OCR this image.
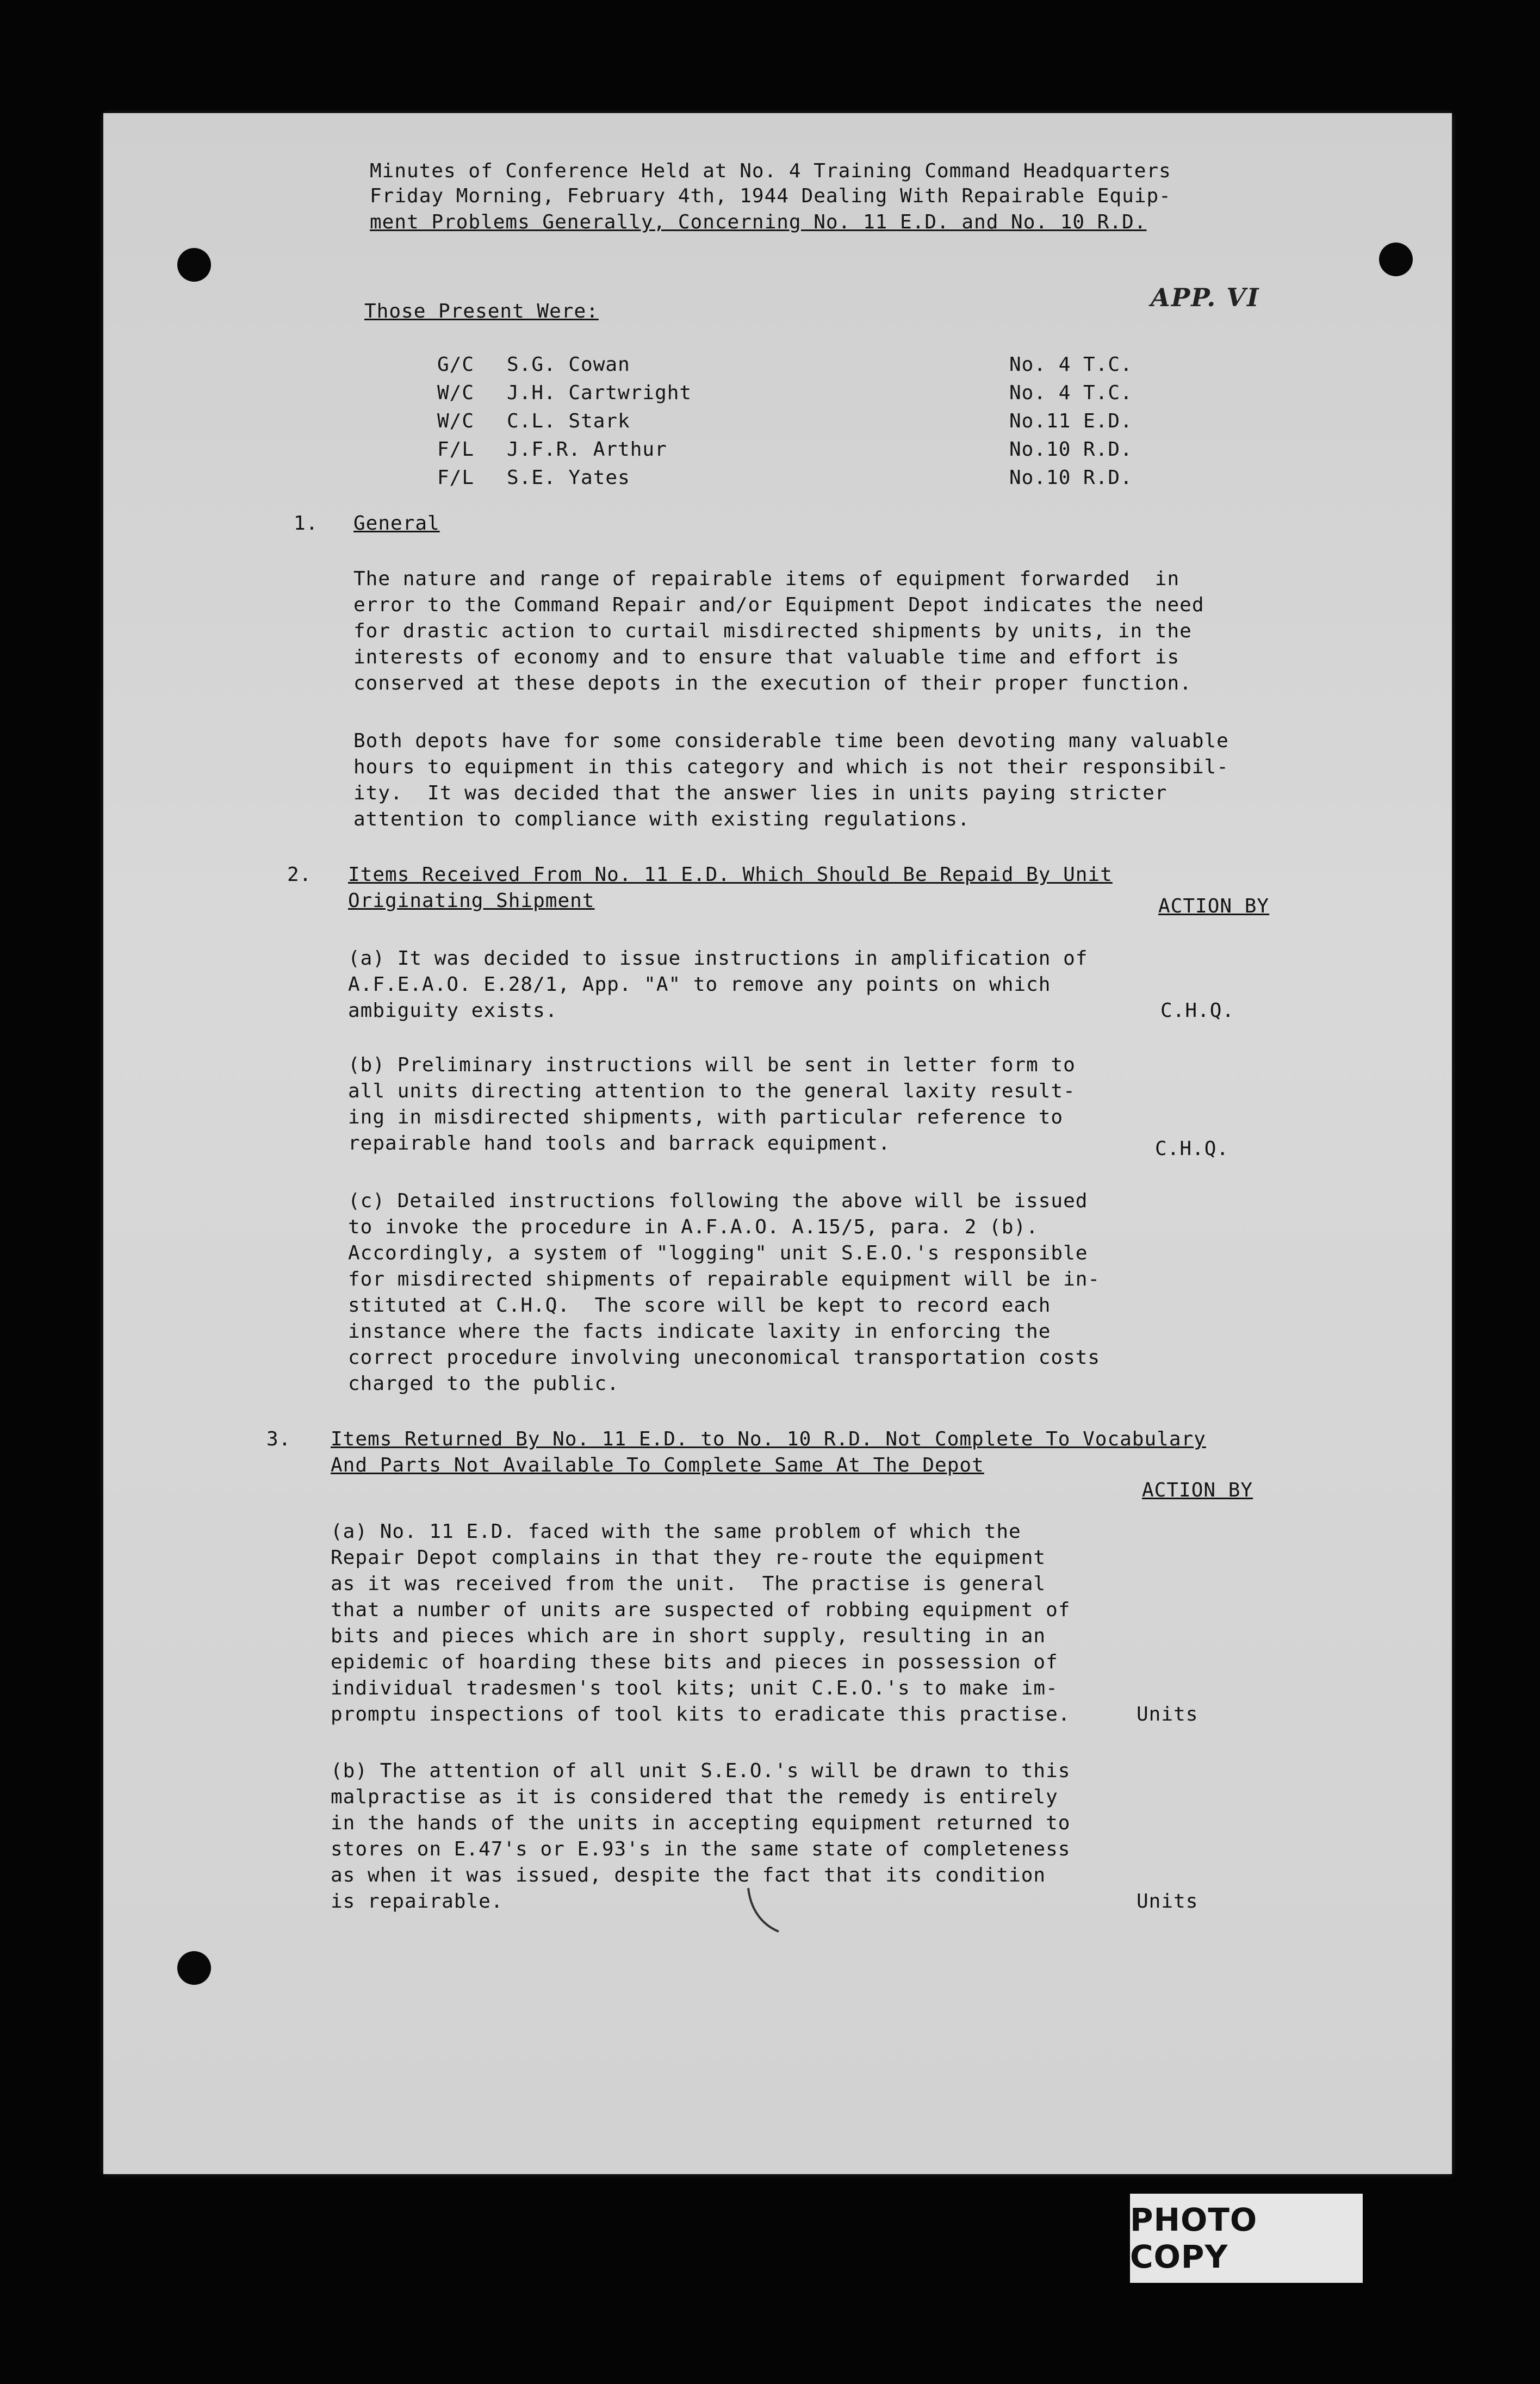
Minutes of Conference Held at No. 4 Training Command Headquarters
Friday Morning, February 4th, 1944 Dealing With Repairable Equip-
ment Problems Generally, Concerning No. 11 E.D. and No. 10 R.D.
APP. VI
Those Present Were:
G/C S.G. Cowan	No. 4 T.C.
W/C J.H. Cartwright	No. 4 T.C.
W/C C.L. Stark	No.11 E.D.
F/L J.F.R. Arthur	No.10 R.D.
F/L S.E. Yates	No.10 R.D.
1. General
The nature and range of repairable items of equipment forwarded  in
error to the Command Repair and/or Equipment Depot indicates the need
for drastic action to curtail misdirected shipments by units, in the
interests of economy and to ensure that valuable time and effort is
conserved at these depots in the execution of their proper function.
Both depots have for some considerable time been devoting many valuable
hours to equipment in this category and which is not their responsibil-
ity.  It was decided that the answer lies in units paying stricter
attention to compliance with existing regulations.
2. Items Received From No. 11 E.D. Which Should Be Repaid By Unit
Originating Shipment	ACTION BY
(a) It was decided to issue instructions in amplification of
A.F.E.A.O. E.28/1, App. "A" to remove any points on which
ambiguity exists.	C.H.Q.
(b) Preliminary instructions will be sent in letter form to
all units directing attention to the general laxity result-
ing in misdirected shipments, with particular reference to
repairable hand tools and barrack equipment.	C.H.Q.
(c) Detailed instructions following the above will be issued
to invoke the procedure in A.F.A.O. A.15/5, para. 2 (b).
Accordingly, a system of "logging" unit S.E.O.'s responsible
for misdirected shipments of repairable equipment will be in-
stituted at C.H.Q.  The score will be kept to record each
instance where the facts indicate laxity in enforcing the
correct procedure involving uneconomical transportation costs
charged to the public.
3. Items Returned By No. 11 E.D. to No. 10 R.D. Not Complete To Vocabulary
And Parts Not Available To Complete Same At The Depot
ACTION BY
(a) No. 11 E.D. faced with the same problem of which the
Repair Depot complains in that they re-route the equipment
as it was received from the unit.  The practise is general
that a number of units are suspected of robbing equipment of
bits and pieces which are in short supply, resulting in an
epidemic of hoarding these bits and pieces in possession of
individual tradesmen's tool kits; unit C.E.O.'s to make im-
promptu inspections of tool kits to eradicate this practise.	Units
(b) The attention of all unit S.E.O.'s will be drawn to this
malpractise as it is considered that the remedy is entirely
in the hands of the units in accepting equipment returned to
stores on E.47's or E.93's in the same state of completeness
as when it was issued, despite the fact that its condition
is repairable.	Units
PHOTO COPY
